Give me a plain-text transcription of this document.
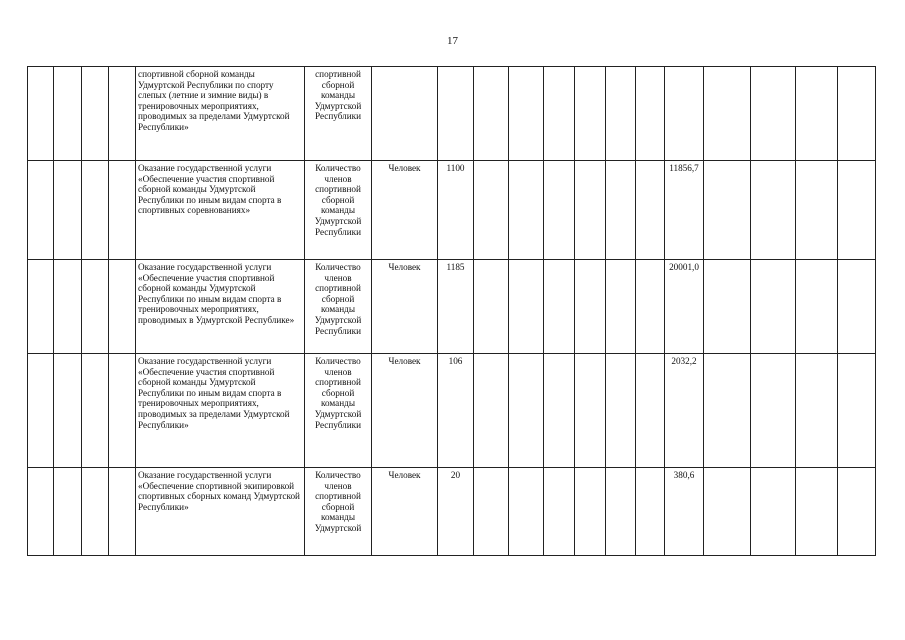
17
				спортивной сборной команды Удмуртской Республики по спорту слепых (летние и зимние виды) в тренировочных мероприятиях, проводимых за пределами Удмуртской Республики»	спортивной сборной команды Удмуртской Республики													
				Оказание государственной услуги «Обеспечение участия спортивной сборной команды Удмуртской Республики по иным видам спорта в спортивных соревнованиях»	Количество членов спортивной сборной команды Удмуртской Республики	Человек	1100							11856,7				
				Оказание государственной услуги «Обеспечение участия спортивной сборной команды Удмуртской Республики по иным видам спорта в тренировочных мероприятиях, проводимых в Удмуртской Республике»	Количество членов спортивной сборной команды Удмуртской Республики	Человек	1185							20001,0				
				Оказание государственной услуги «Обеспечение участия спортивной сборной команды Удмуртской Республики по иным видам спорта в тренировочных мероприятиях, проводимых за пределами Удмуртской Республики»	Количество членов спортивной сборной команды Удмуртской Республики	Человек	106							2032,2				
				Оказание государственной услуги «Обеспечение спортивной экипировкой спортивных сборных команд Удмуртской Республики»	Количество членов спортивной сборной команды Удмуртской	Человек	20							380,6				
